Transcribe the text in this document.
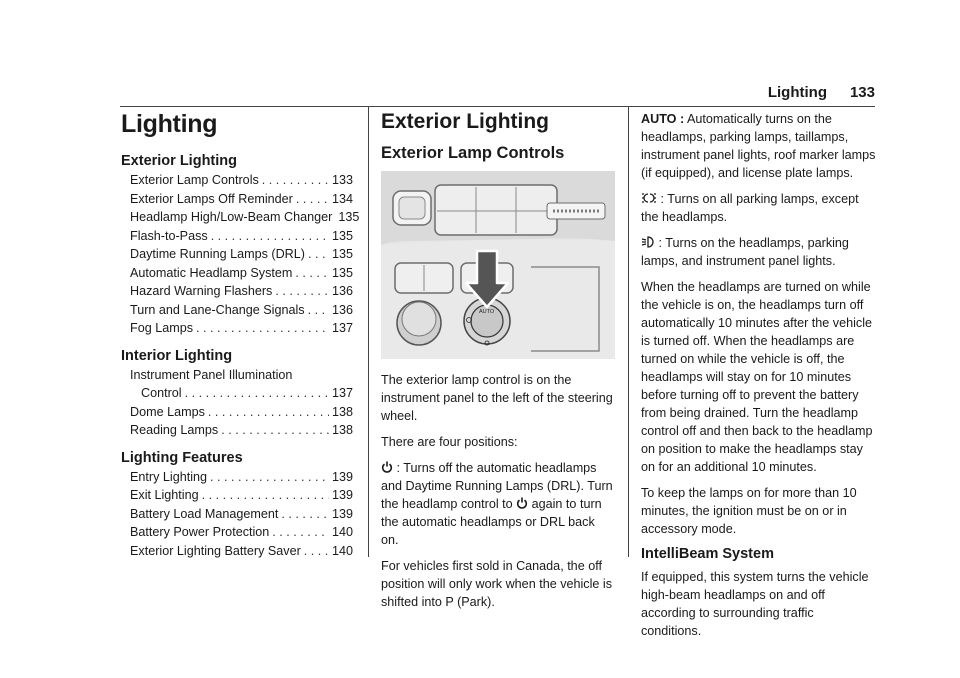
Lighting 133
Lighting
Exterior Lighting
Exterior Lamp Controls . . .	133
Exterior Lamps Off Reminder . . .	134
Headlamp High/Low-Beam Changer 135
Flash-to-Pass . . .	135
Daytime Running Lamps (DRL) . . . 135
Automatic Headlamp System . . .	135
Hazard Warning Flashers . . .	136
Turn and Lane-Change Signals . . . 136
Fog Lamps . . .	137
Interior Lighting
Instrument Panel Illumination
Control . . .	137
Dome Lamps . . .	138
Reading Lamps . . .	138
Lighting Features
Entry Lighting . . .	139
Exit Lighting . . .	139
Battery Load Management . . .	139
Battery Power Protection . . .	140
Exterior Lighting Battery Saver . . . 140
Exterior Lighting
Exterior Lamp Controls
AUTO

The exterior lamp control is on the instrument panel to the left of the steering wheel.

There are four positions:

: Turns off the automatic headlamps and Daytime Running Lamps (DRL). Turn the headlamp control to  again to turn the automatic headlamps or DRL back on.

For vehicles first sold in Canada, the off position will only work when the vehicle is shifted into P (Park).

AUTO : Automatically turns on the headlamps, parking lamps, taillamps, instrument panel lights, roof marker lamps (if equipped), and license plate lamps.

: Turns on all parking lamps, except the headlamps.

: Turns on the headlamps, parking lamps, and instrument panel lights.

When the headlamps are turned on while the vehicle is on, the headlamps turn off automatically 10 minutes after the vehicle is turned off. When the headlamps are turned on while the vehicle is off, the headlamps will stay on for 10 minutes before turning off to prevent the battery from being drained. Turn the headlamp control off and then back to the headlamp on position to make the headlamps stay on for an additional 10 minutes.

To keep the lamps on for more than 10 minutes, the ignition must be on or in accessory mode.

IntelliBeam System

If equipped, this system turns the vehicle high-beam headlamps on and off according to surrounding traffic conditions.
